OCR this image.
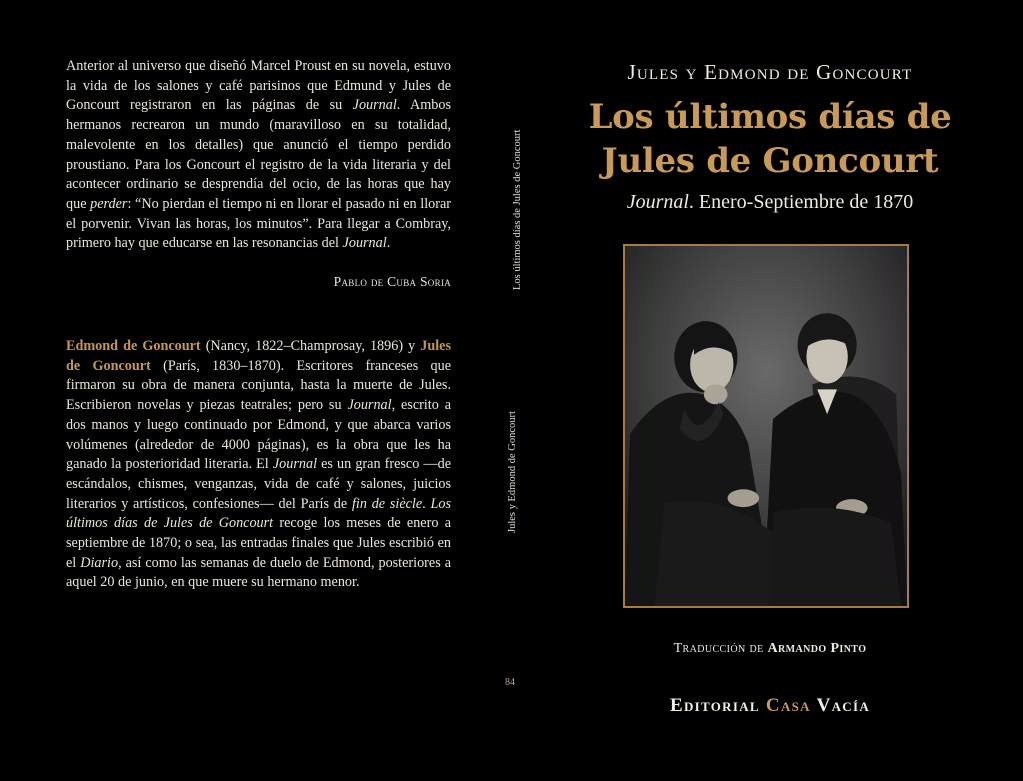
Anterior al universo que diseñó Marcel Proust en su novela, estuvo la vida de los salones y café parisinos que Edmund y Jules de Goncourt registraron en las páginas de su Journal. Ambos hermanos recrearon un mundo (maravilloso en su totalidad, malevolente en los detalles) que anunció el tiempo perdido proustiano. Para los Goncourt el registro de la vida literaria y del acontecer ordinario se desprendía del ocio, de las horas que hay que perder: “No pierdan el tiempo ni en llorar el pasado ni en llorar el porvenir. Vivan las horas, los minutos”. Para llegar a Combray, primero hay que educarse en las resonancias del Journal.

Pablo de Cuba Soria

Edmond de Goncourt (Nancy, 1822–Champrosay, 1896) y Jules de Goncourt (París, 1830–1870). Escritores franceses que firmaron su obra de manera conjunta, hasta la muerte de Jules. Escribieron novelas y piezas teatrales; pero su Journal, escrito a dos manos y luego continuado por Edmond, y que abarca varios volúmenes (alrededor de 4000 páginas), es la obra que les ha ganado la posterioridad literaria. El Journal es un gran fresco —de escándalos, chismes, venganzas, vida de café y salones, juicios literarios y artísticos, confesiones— del París de fin de siècle. Los últimos días de Jules de Goncourt recoge los meses de enero a septiembre de 1870; o sea, las entradas finales que Jules escribió en el Diario, así como las semanas de duelo de Edmond, posteriores a aquel 20 de junio, en que muere su hermano menor.

Los últimos días de Jules de Goncourt
Jules y Edmond de Goncourt
84
Jules y Edmond de Goncourt
Los últimos días de
Jules de Goncourt
Journal. Enero-Septiembre de 1870
Traducción de Armando Pinto
Editorial Casa Vacía
